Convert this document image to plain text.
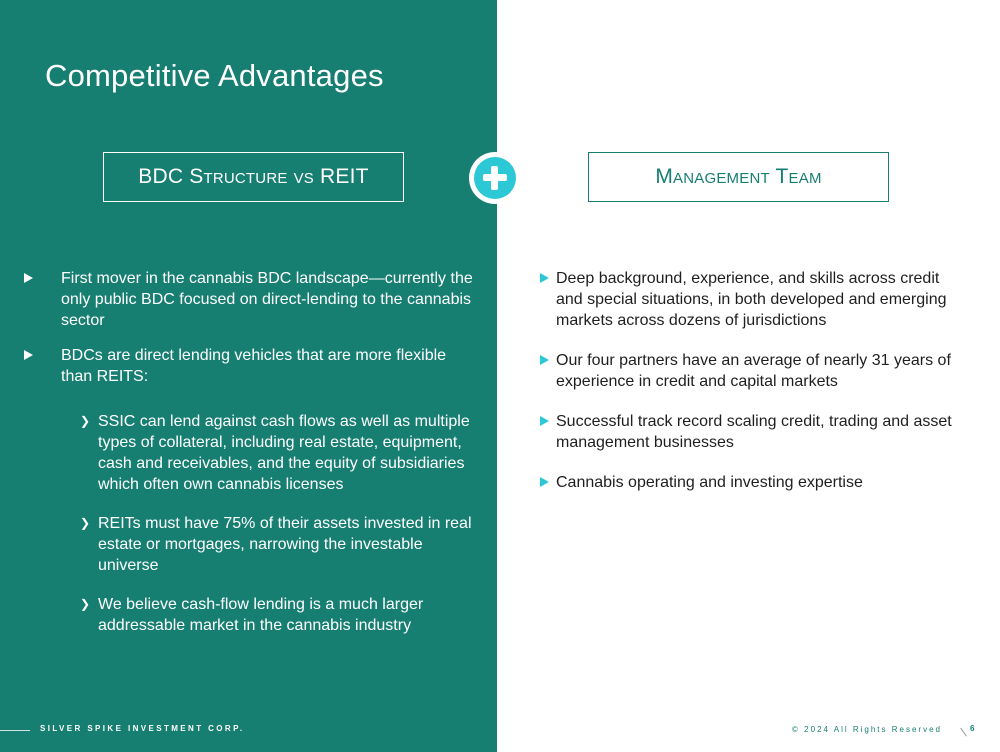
Competitive Advantages
BDC Structure vs REIT	Management Team
First mover in the cannabis BDC landscape—currently the only public BDC focused on direct-lending to the cannabis sector
BDCs are direct lending vehicles that are more flexible than REITS:
❯ SSIC can lend against cash flows as well as multiple types of collateral, including real estate, equipment, cash and receivables, and the equity of subsidiaries which often own cannabis licenses
❯ REITs must have 75% of their assets invested in real estate or mortgages, narrowing the investable universe
❯ We believe cash-flow lending is a much larger addressable market in the cannabis industry
Deep background, experience, and skills across credit and special situations, in both developed and emerging markets across dozens of jurisdictions
Our four partners have an average of nearly 31 years of experience in credit and capital markets
Successful track record scaling credit, trading and asset management businesses
Cannabis operating and investing expertise
SILVER SPIKE INVESTMENT CORP.	© 2024 All Rights Reserved	6
